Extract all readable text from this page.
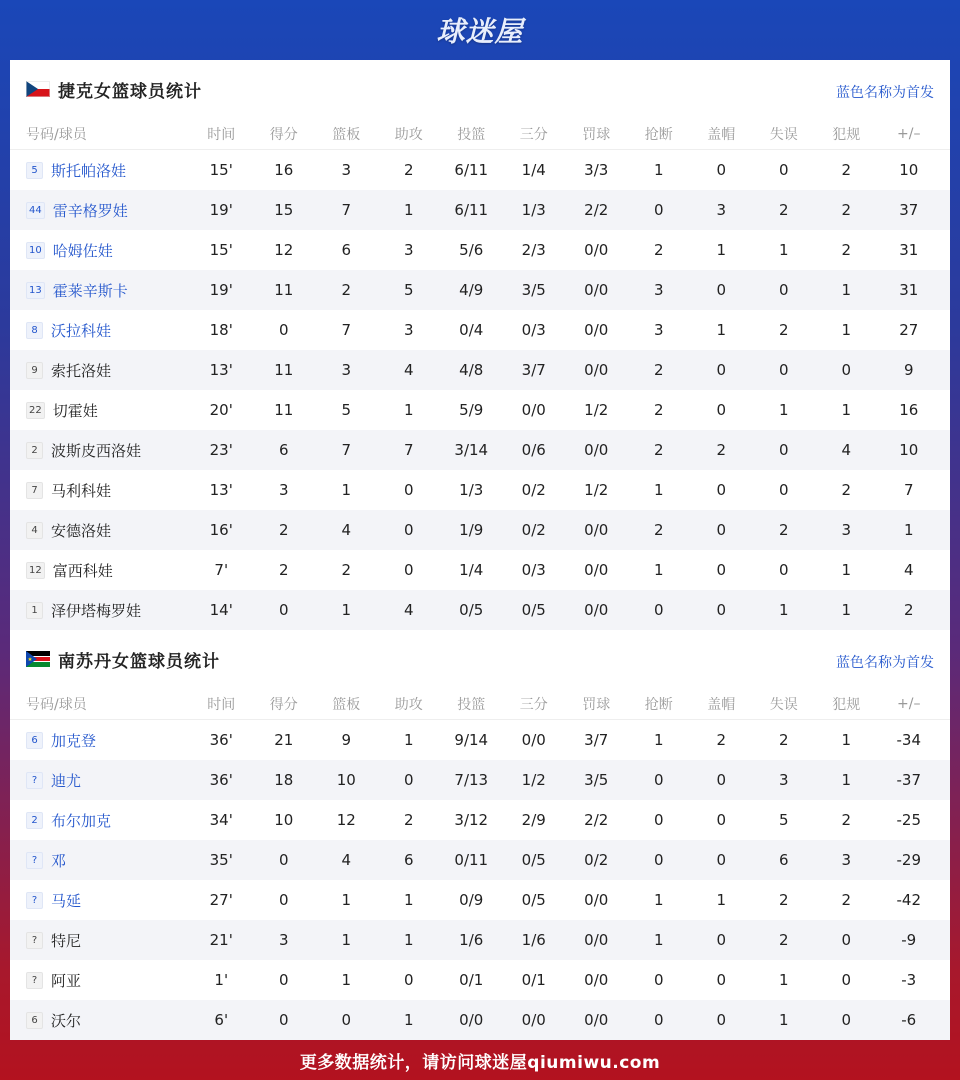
球迷屋
捷克女篮球员统计	蓝色名称为首发
号码/球员	时间	得分	篮板	助攻	投篮	三分	罚球	抢断	盖帽	失误	犯规	+/–
5 斯托帕洛娃	15'	16	3	2	6/11	1/4	3/3	1	0	0	2	10
44 雷辛格罗娃	19'	15	7	1	6/11	1/3	2/2	0	3	2	2	37
10 哈姆佐娃	15'	12	6	3	5/6	2/3	0/0	2	1	1	2	31
13 霍莱辛斯卡	19'	11	2	5	4/9	3/5	0/0	3	0	0	1	31
8 沃拉科娃	18'	0	7	3	0/4	0/3	0/0	3	1	2	1	27
9 索托洛娃	13'	11	3	4	4/8	3/7	0/0	2	0	0	0	9
22 切霍娃	20'	11	5	1	5/9	0/0	1/2	2	0	1	1	16
2 波斯皮西洛娃	23'	6	7	7	3/14	0/6	0/0	2	2	0	4	10
7 马利科娃	13'	3	1	0	1/3	0/2	1/2	1	0	0	2	7
4 安德洛娃	16'	2	4	0	1/9	0/2	0/0	2	0	2	3	1
12 富西科娃	7'	2	2	0	1/4	0/3	0/0	1	0	0	1	4
1 泽伊塔梅罗娃	14'	0	1	4	0/5	0/5	0/0	0	0	1	1	2
南苏丹女篮球员统计	蓝色名称为首发
号码/球员	时间	得分	篮板	助攻	投篮	三分	罚球	抢断	盖帽	失误	犯规	+/–
6 加克登	36'	21	9	1	9/14	0/0	3/7	1	2	2	1	-34
? 迪尤	36'	18	10	0	7/13	1/2	3/5	0	0	3	1	-37
2 布尔加克	34'	10	12	2	3/12	2/9	2/2	0	0	5	2	-25
? 邓	35'	0	4	6	0/11	0/5	0/2	0	0	6	3	-29
? 马延	27'	0	1	1	0/9	0/5	0/0	1	1	2	2	-42
? 特尼	21'	3	1	1	1/6	1/6	0/0	1	0	2	0	-9
? 阿亚	1'	0	1	0	0/1	0/1	0/0	0	0	1	0	-3
6 沃尔	6'	0	0	1	0/0	0/0	0/0	0	0	1	0	-6
更多数据统计，请访问球迷屋qiumiwu.com
